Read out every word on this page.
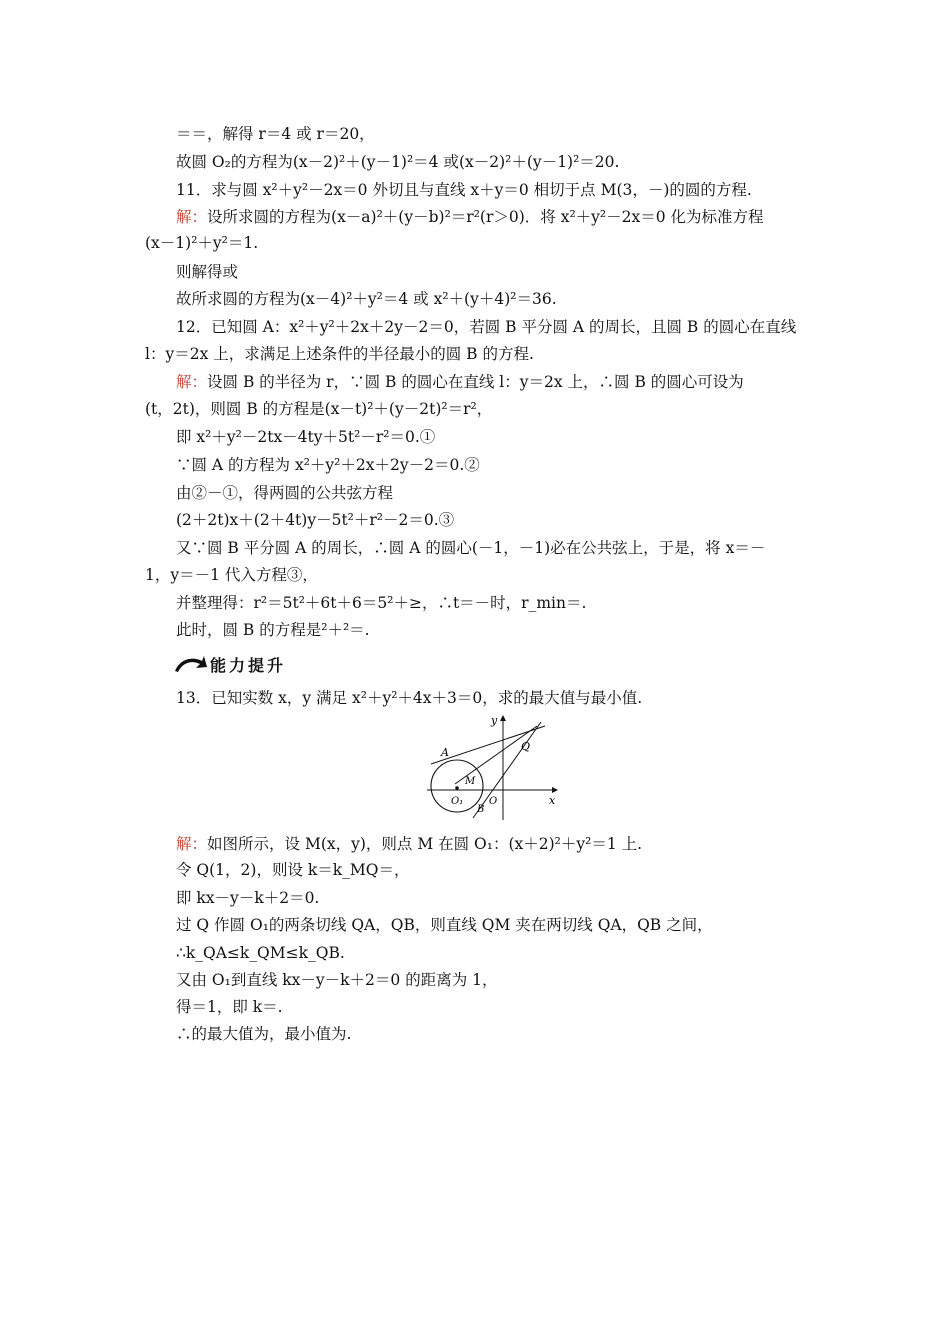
＝＝，解得 r＝4 或 r＝20，
故圆 O₂的方程为(x－2)²＋(y－1)²＝4 或(x－2)²＋(y－1)²＝20.
11．求与圆 x²＋y²－2x＝0 外切且与直线 x＋y＝0 相切于点 M(3，－)的圆的方程.
解：设所求圆的方程为(x－a)²＋(y－b)²＝r²(r＞0)．将 x²＋y²－2x＝0 化为标准方程
(x－1)²＋y²＝1.
则解得或
故所求圆的方程为(x－4)²＋y²＝4 或 x²＋(y＋4)²＝36.
12．已知圆 A：x²＋y²＋2x＋2y－2＝0，若圆 B 平分圆 A 的周长，且圆 B 的圆心在直线
l：y＝2x 上，求满足上述条件的半径最小的圆 B 的方程.
解：设圆 B 的半径为 r，∵圆 B 的圆心在直线 l：y＝2x 上，∴圆 B 的圆心可设为
(t，2t)，则圆 B 的方程是(x－t)²＋(y－2t)²＝r²，
即 x²＋y²－2tx－4ty＋5t²－r²＝0.①
∵圆 A 的方程为 x²＋y²＋2x＋2y－2＝0.②
由②－①，得两圆的公共弦方程
(2＋2t)x＋(2＋4t)y－5t²＋r²－2＝0.③
又∵圆 B 平分圆 A 的周长，∴圆 A 的圆心(－1，－1)必在公共弦上，于是，将 x＝－
1，y＝－1 代入方程③，
并整理得：r²＝5t²＋6t＋6＝5²＋≥，∴t＝－时，r_min＝.
此时，圆 B 的方程是²＋²＝.
13．已知实数 x，y 满足 x²＋y²＋4x＋3＝0，求的最大值与最小值.
解：如图所示，设 M(x，y)，则点 M 在圆 O₁：(x＋2)²＋y²＝1 上.
令 Q(1，2)，则设 k＝k_MQ＝，
即 kx－y－k＋2＝0.
过 Q 作圆 O₁的两条切线 QA，QB，则直线 QM 夹在两切线 QA，QB 之间，
∴k_QA≤k_QM≤k_QB.
又由 O₁到直线 kx－y－k＋2＝0 的距离为 1，
得＝1，即 k＝.
∴的最大值为，最小值为.
能力提升
y
x
A	Q
M
O₁	O
B
